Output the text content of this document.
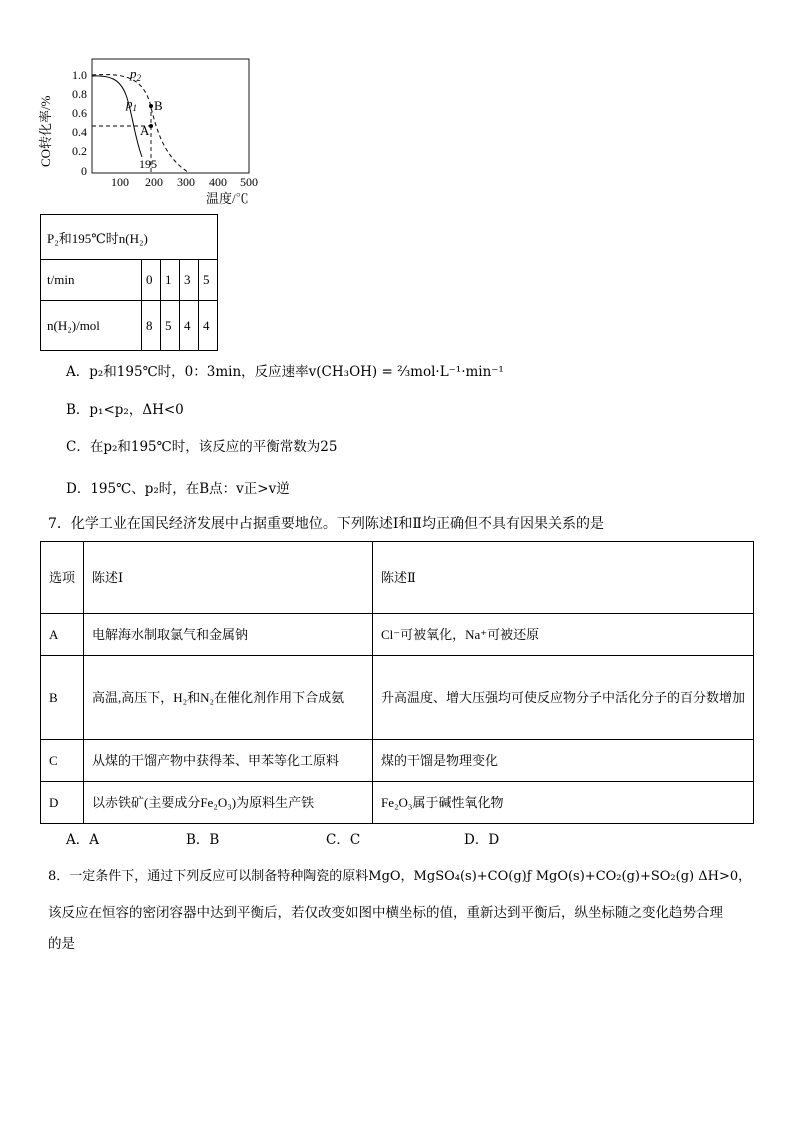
CO转化率/%
1.0
0.8
0.6
0.4
0.2
0
100 200 300 400 500
温度/℃
B
A
$p_1$
$p_2$
195
P₂和195℃时n(H₂)				
t/min	0	1	3	5
n(H₂)/mol	8	5	4	4
A．p₂和195℃时，0：3min，反应速率v(CH₃OH) = ⅔mol·L⁻¹·min⁻¹
B．p₁<p₂，ΔH<0
C．在p₂和195℃时，该反应的平衡常数为25
D．195℃、p₂时，在B点：v正>v逆
7．化学工业在国民经济发展中占据重要地位。下列陈述Ⅰ和Ⅱ均正确但不具有因果关系的是
选项	陈述Ⅰ	陈述Ⅱ
A	电解海水制取氯气和金属钠	Cl⁻可被氧化，Na⁺可被还原
B	高温,高压下，H₂和N₂在催化剂作用下合成氨	升高温度、增大压强均可使反应物分子中活化分子的百分数增加
C	从煤的干馏产物中获得苯、甲苯等化工原料	煤的干馏是物理变化
D	以赤铁矿(主要成分Fe₂O₃)为原料生产铁	Fe₂O₃属于碱性氧化物
A．A	B．B	C．C	D．D
8．一定条件下，通过下列反应可以制备特种陶瓷的原料MgO，MgSO₄(s)+CO(g)ƒ MgO(s)+CO₂(g)+SO₂(g) ΔH>0，
该反应在恒容的密闭容器中达到平衡后，若仅改变如图中横坐标的值，重新达到平衡后，纵坐标随之变化趋势合理
的是
